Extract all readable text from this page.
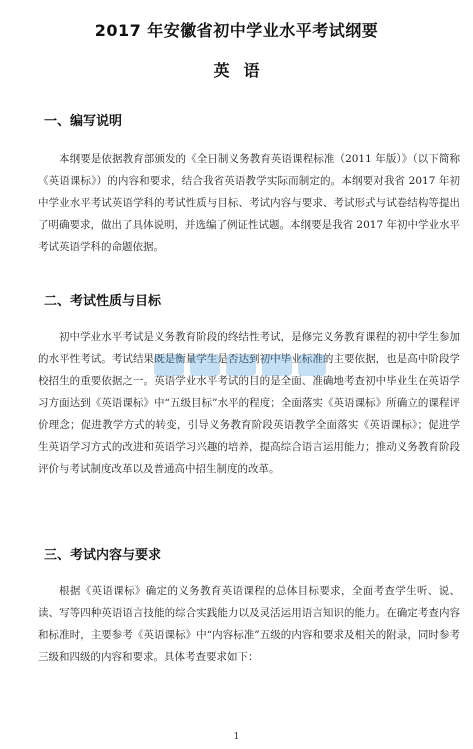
2017 年安徽省初中学业水平考试纲要
英语
一、编写说明
本纲要是依据教育部颁发的《全日制义务教育英语课程标准（2011 年版）》（以下简称《英语课标》）的内容和要求，结合我省英语教学实际而制定的。本纲要对我省 2017 年初中学业水平考试英语学科的考试性质与目标、考试内容与要求、考试形式与试卷结构等提出了明确要求，做出了具体说明，并选编了例证性试题。本纲要是我省 2017 年初中学业水平考试英语学科的命题依据。
二、考试性质与目标
初中学业水平考试是义务教育阶段的终结性考试，是修完义务教育课程的初中学生参加的水平性考试。考试结果既是衡量学生是否达到初中毕业标准的主要依据，也是高中阶段学校招生的重要依据之一。英语学业水平考试的目的是全面、准确地考查初中毕业生在英语学习方面达到《英语课标》中“五级目标”水平的程度；全面落实《英语课标》所确立的课程评价理念；促进教学方式的转变，引导义务教育阶段英语教学全面落实《英语课标》；促进学生英语学习方式的改进和英语学习兴趣的培养，提高综合语言运用能力；推动义务教育阶段评价与考试制度改革以及普通高中招生制度的改革。
三、考试内容与要求
根据《英语课标》确定的义务教育英语课程的总体目标要求，全面考查学生听、说、读、写等四种英语语言技能的综合实践能力以及灵活运用语言知识的能力。在确定考查内容和标准时，主要参考《英语课标》中“内容标准”五级的内容和要求及相关的附录，同时参考三级和四级的内容和要求。具体考查要求如下：
1
